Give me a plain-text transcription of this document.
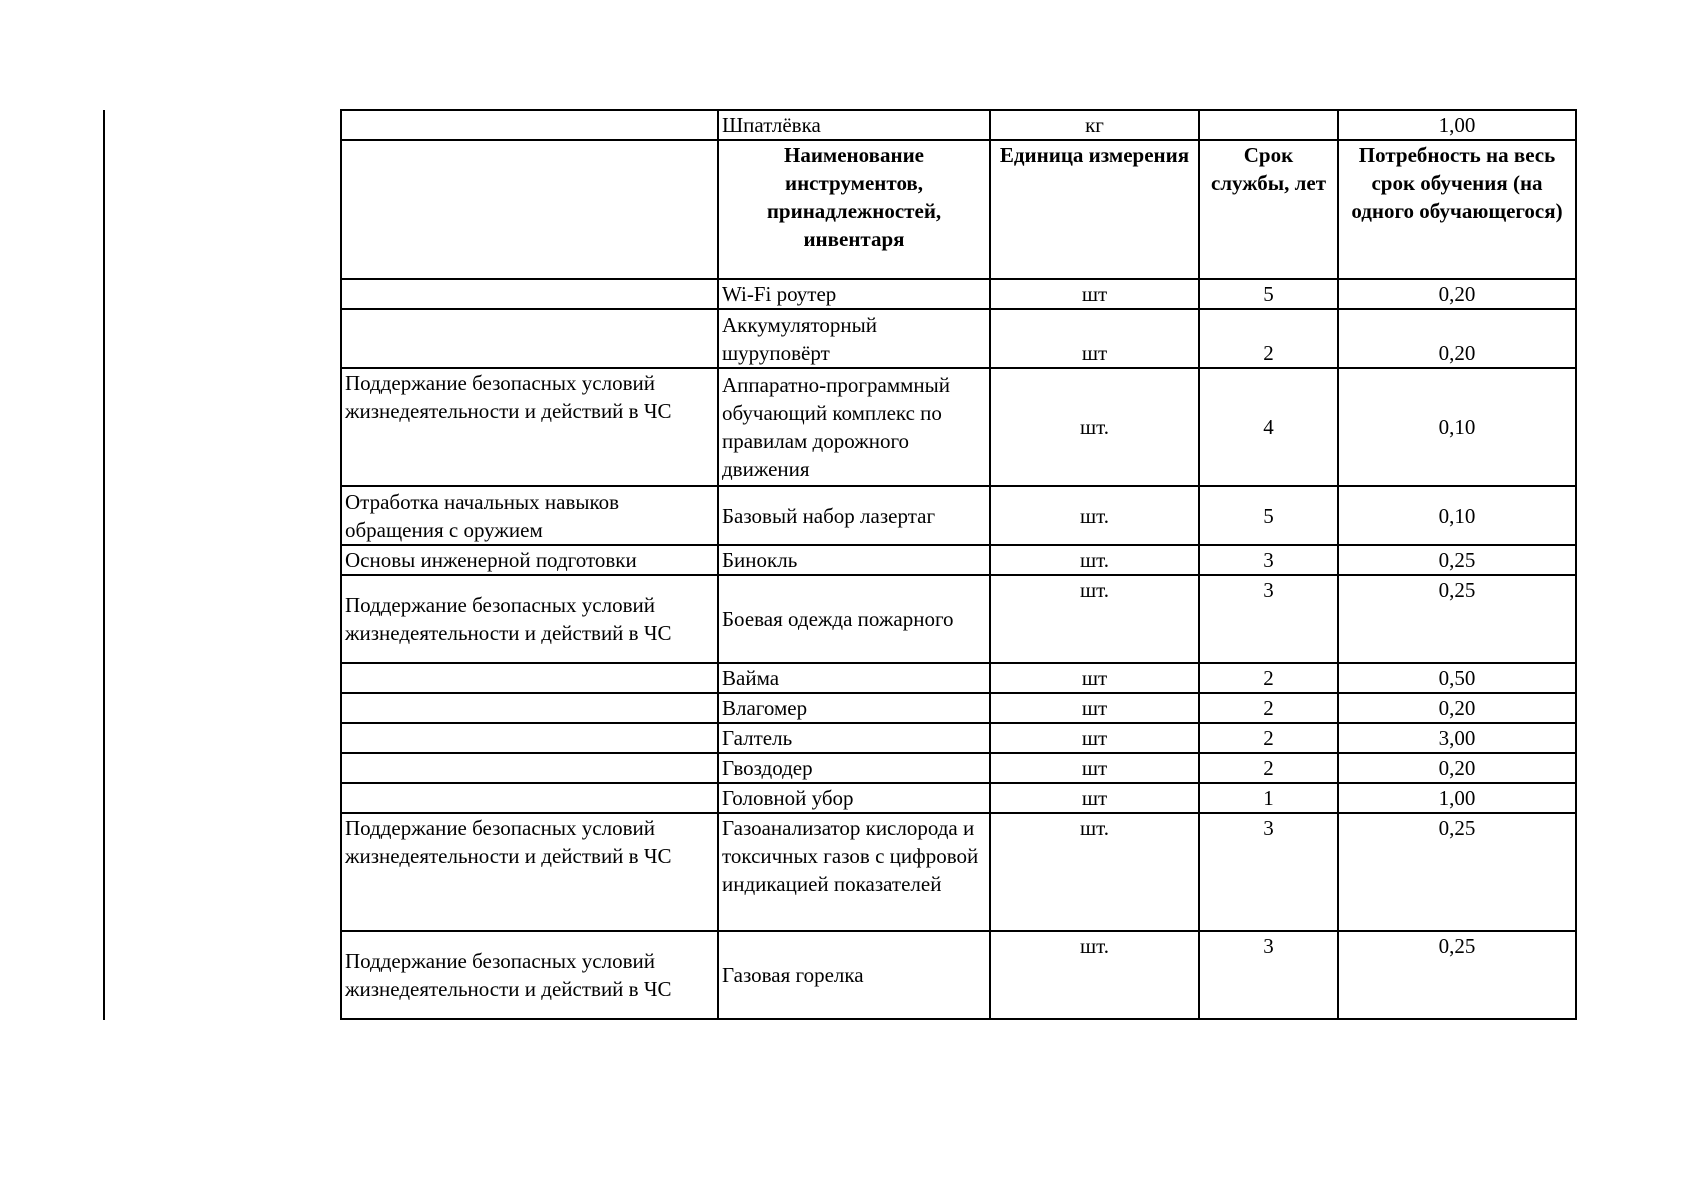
	Шпатлёвка	кг		1,00
	Наименование инструментов, принадлежностей, инвентаря	Единица измерения	Срок службы, лет	Потребность на весь срок обучения (на одного обучающегося)
	Wi-Fi роутер	шт	5	0,20
	Аккумуляторный шуруповёрт	шт	2	0,20
Поддержание безопасных условий жизнедеятельности и действий в ЧС	Аппаратно-программный обучающий комплекс по правилам дорожного движения	шт.	4	0,10
Отработка начальных навыков обращения с оружием	Базовый набор лазертаг	шт.	5	0,10
Основы инженерной подготовки	Бинокль	шт.	3	0,25
Поддержание безопасных условий жизнедеятельности и действий в ЧС	Боевая одежда пожарного	шт.	3	0,25
	Вайма	шт	2	0,50
	Влагомер	шт	2	0,20
	Галтель	шт	2	3,00
	Гвоздодер	шт	2	0,20
	Головной убор	шт	1	1,00
Поддержание безопасных условий жизнедеятельности и действий в ЧС	Газоанализатор кислорода и токсичных газов с цифровой индикацией показателей	шт.	3	0,25
Поддержание безопасных условий жизнедеятельности и действий в ЧС	Газовая горелка	шт.	3	0,25
